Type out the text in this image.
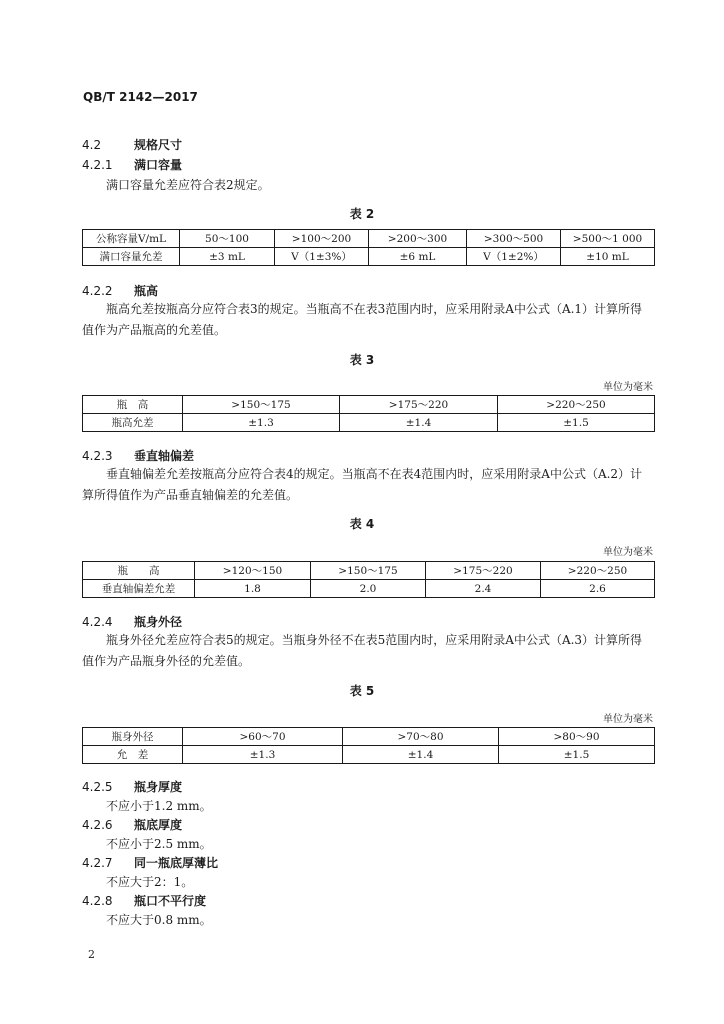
QB/T 2142—2017
4.2	规格尺寸
4.2.1 满口容量
满口容量允差应符合表2规定。
表 2
公称容量V/mL	50～100	>100～200	>200～300	>300～500	>500～1 000
满口容量允差	±3 mL	V（1±3%）	±6 mL	V（1±2%）	±10 mL
4.2.2 瓶高
瓶高允差按瓶高分应符合表3的规定。当瓶高不在表3范围内时，应采用附录A中公式（A.1）计算所得值作为产品瓶高的允差值。
表 3
单位为毫米
瓶　高	>150～175	>175～220	>220～250
瓶高允差	±1.3	±1.4	±1.5
4.2.3 垂直轴偏差
垂直轴偏差允差按瓶高分应符合表4的规定。当瓶高不在表4范围内时，应采用附录A中公式（A.2）计算所得值作为产品垂直轴偏差的允差值。
表 4
单位为毫米
瓶　　高	>120～150	>150～175	>175～220	>220～250
垂直轴偏差允差	1.8	2.0	2.4	2.6
4.2.4 瓶身外径
瓶身外径允差应符合表5的规定。当瓶身外径不在表5范围内时，应采用附录A中公式（A.3）计算所得值作为产品瓶身外径的允差值。
表 5
单位为毫米
瓶身外径	>60～70	>70～80	>80～90
允　差	±1.3	±1.4	±1.5
4.2.5 瓶身厚度
不应小于1.2 mm。
4.2.6 瓶底厚度
不应小于2.5 mm。
4.2.7 同一瓶底厚薄比
不应大于2：1。
4.2.8 瓶口不平行度
不应大于0.8 mm。
2
